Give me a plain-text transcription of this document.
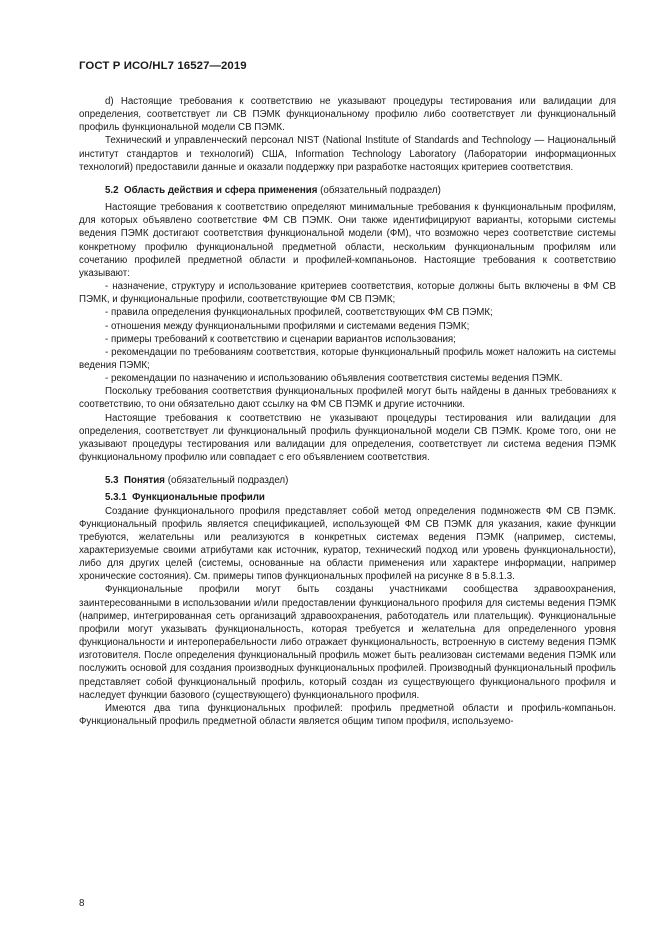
ГОСТ Р ИСО/HL7 16527—2019

d) Настоящие требования к соответствию не указывают процедуры тестирования или валидации для определения, соответствует ли СВ ПЭМК функциональному профилю либо соответствует ли функциональный профиль функциональной модели СВ ПЭМК.

Технический и управленческий персонал NIST (National Institute of Standards and Technology — Национальный институт стандартов и технологий) США, Information Technology Laboratory (Лаборатории информационных технологий) предоставили данные и оказали поддержку при разработке настоящих критериев соответствия.

5.2 Область действия и сфера применения (обязательный подраздел)

Настоящие требования к соответствию определяют минимальные требования к функциональным профилям, для которых объявлено соответствие ФМ СВ ПЭМК. Они также идентифицируют варианты, которыми системы ведения ПЭМК достигают соответствия функциональной модели (ФМ), что возможно через соответствие системы конкретному профилю функциональной предметной области, нескольким функциональным профилям или сочетанию профилей предметной области и профилей-компаньонов. Настоящие требования к соответствию указывают:

- назначение, структуру и использование критериев соответствия, которые должны быть включены в ФМ СВ ПЭМК, и функциональные профили, соответствующие ФМ СВ ПЭМК;

- правила определения функциональных профилей, соответствующих ФМ СВ ПЭМК;

- отношения между функциональными профилями и системами ведения ПЭМК;

- примеры требований к соответствию и сценарии вариантов использования;

- рекомендации по требованиям соответствия, которые функциональный профиль может наложить на системы ведения ПЭМК;

- рекомендации по назначению и использованию объявления соответствия системы ведения ПЭМК.

Поскольку требования соответствия функциональных профилей могут быть найдены в данных требованиях к соответствию, то они обязательно дают ссылку на ФМ СВ ПЭМК и другие источники.

Настоящие требования к соответствию не указывают процедуры тестирования или валидации для определения, соответствует ли функциональный профиль функциональной модели СВ ПЭМК. Кроме того, они не указывают процедуры тестирования или валидации для определения, соответствует ли система ведения ПЭМК функциональному профилю или совпадает с его объявлением соответствия.

5.3 Понятия (обязательный подраздел)

5.3.1 Функциональные профили

Создание функционального профиля представляет собой метод определения подмножеств ФМ СВ ПЭМК. Функциональный профиль является спецификацией, использующей ФМ СВ ПЭМК для указания, какие функции требуются, желательны или реализуются в конкретных системах ведения ПЭМК (например, системы, характеризуемые своими атрибутами как источник, куратор, технический подход или уровень функциональности), либо для других целей (системы, основанные на области применения или характере информации, например хронические состояния). См. примеры типов функциональных профилей на рисунке 8 в 5.8.1.3.

Функциональные профили могут быть созданы участниками сообщества здравоохранения, заинтересованными в использовании и/или предоставлении функционального профиля для системы ведения ПЭМК (например, интегрированная сеть организаций здравоохранения, работодатель или плательщик). Функциональные профили могут указывать функциональность, которая требуется и желательна для определенного уровня функциональности и интероперабельности либо отражает функциональность, встроенную в систему ведения ПЭМК изготовителя. После определения функциональный профиль может быть реализован системами ведения ПЭМК или послужить основой для создания производных функциональных профилей. Производный функциональный профиль представляет собой функциональный профиль, который создан из существующего функционального профиля и наследует функции базового (существующего) функционального профиля.

Имеются два типа функциональных профилей: профиль предметной области и профиль-компаньон. Функциональный профиль предметной области является общим типом профиля, используемо-

8
